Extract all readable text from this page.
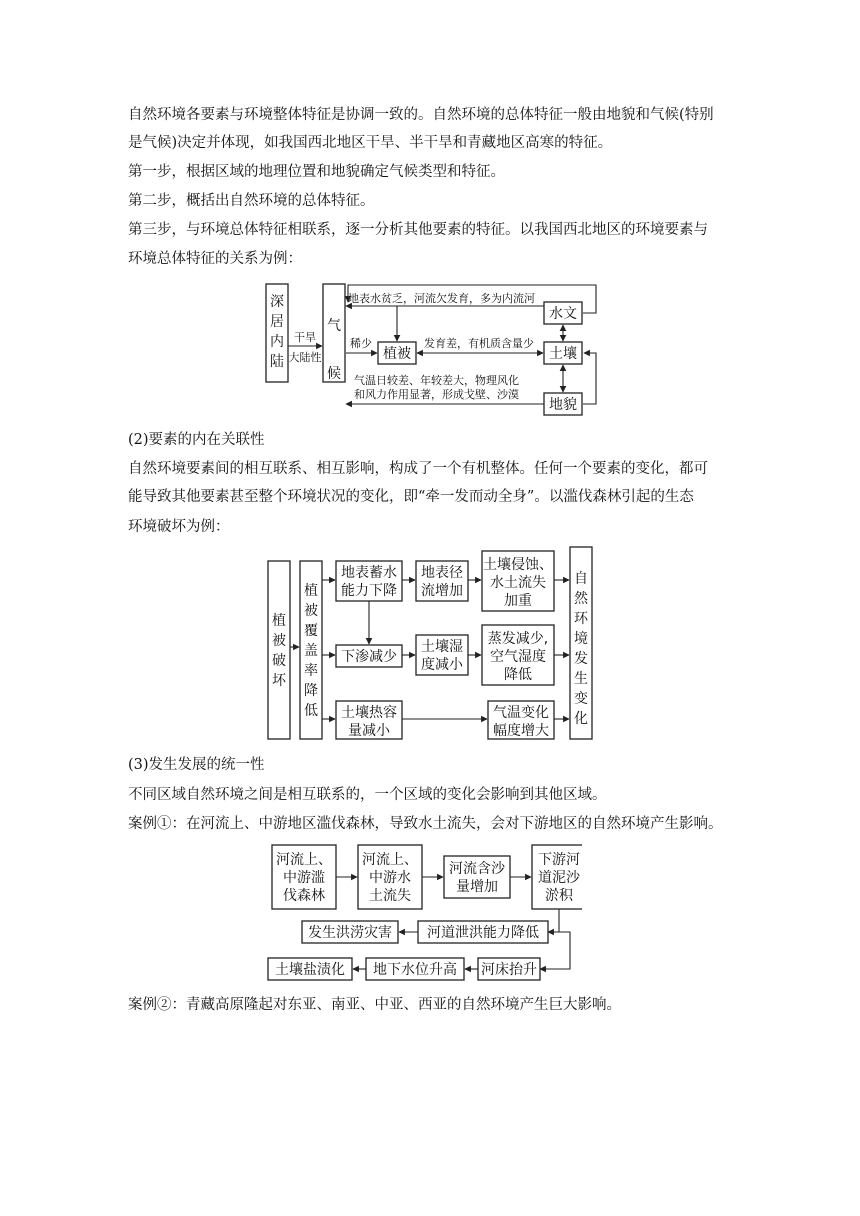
自然环境各要素与环境整体特征是协调一致的。自然环境的总体特征一般由地貌和气候(特别
是气候)决定并体现，如我国西北地区干旱、半干旱和青藏地区高寒的特征。
第一步，根据区域的地理位置和地貌确定气候类型和特征。
第二步，概括出自然环境的总体特征。
第三步，与环境总体特征相联系，逐一分析其他要素的特征。以我国西北地区的环境要素与
环境总体特征的关系为例：
深
居
内
陆
干旱
大陆性
气
候
水文
植被	土壤
地貌
地表水贫乏，河流欠发育，多为内流河
稀少	发育差，有机质含量少
气温日较差、年较差大，物理风化
和风力作用显著，形成戈壁、沙漠
(2)要素的内在关联性
自然环境要素间的相互联系、相互影响，构成了一个有机整体。任何一个要素的变化，都可
能导致其他要素甚至整个环境状况的变化，即“牵一发而动全身”。以滥伐森林引起的生态
环境破坏为例：
植
被
破
坏
植
被
覆
盖
率
降
低
地表蓄水
能力下降
地表径
流增加
土壤侵蚀、
水土流失
加重
下渗减少
土壤湿
度减小
蒸发减少,
空气湿度
降低
土壤热容
量减小
气温变化
幅度增大
自
然
环
境
发
生
变
化
(3)发生发展的统一性
不同区域自然环境之间是相互联系的，一个区域的变化会影响到其他区域。
案例①：在河流上、中游地区滥伐森林，导致水土流失，会对下游地区的自然环境产生影响。
河流上、
中游滥
伐森林
河流上、
中游水
土流失
河流含沙
量增加
下游河
道泥沙
淤积
河道泄洪能力降低
发生洪涝灾害
河床抬升
地下水位升高
土壤盐渍化
案例②：青藏高原隆起对东亚、南亚、中亚、西亚的自然环境产生巨大影响。
